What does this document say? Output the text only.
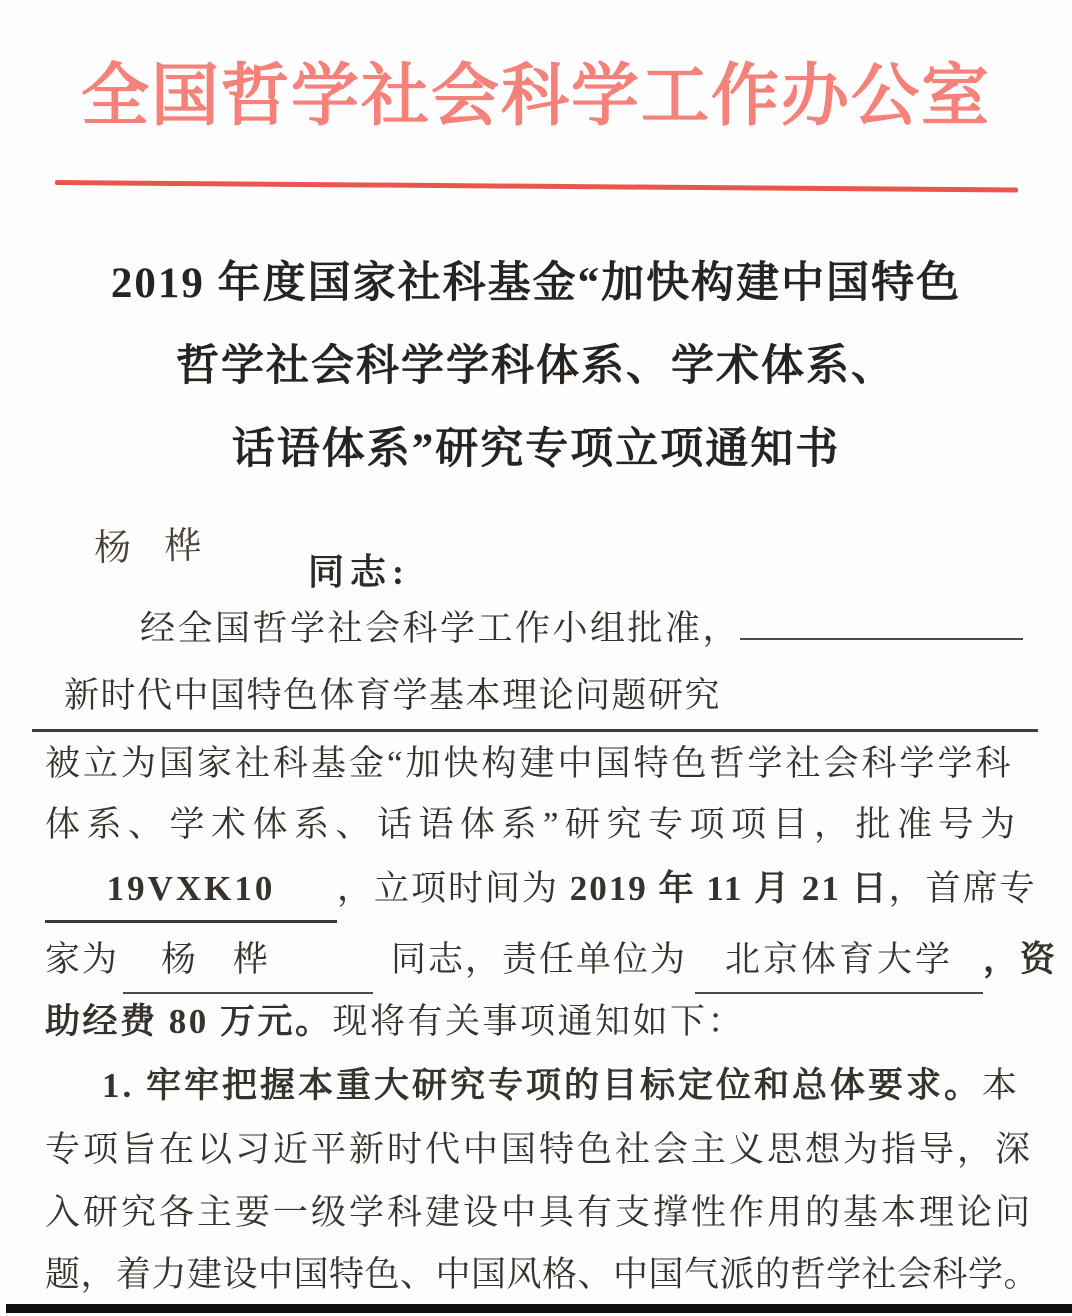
全国哲学社会科学工作办公室
2019 年度国家社科基金“加快构建中国特色
哲学社会科学学科体系、学术体系、
话语体系”研究专项立项通知书
杨 桦
同志:
经全国哲学社会科学工作小组批准，
新时代中国特色体育学基本理论问题研究
被立为国家社科基金“加快构建中国特色哲学社会科学学科
体系、学术体系、话语体系”研究专项项目，批准号为
19VXK10 ，立项时间为 2019 年 11 月 21 日，首席专
家为 杨 桦	同志，责任单位为 北京体育大学 ，资
助经费 80 万元。现将有关事项通知如下：
1. 牢牢把握本重大研究专项的目标定位和总体要求。本
专项旨在以习近平新时代中国特色社会主义思想为指导，深
入研究各主要一级学科建设中具有支撑性作用的基本理论问
题，着力建设中国特色、中国风格、中国气派的哲学社会科学。
